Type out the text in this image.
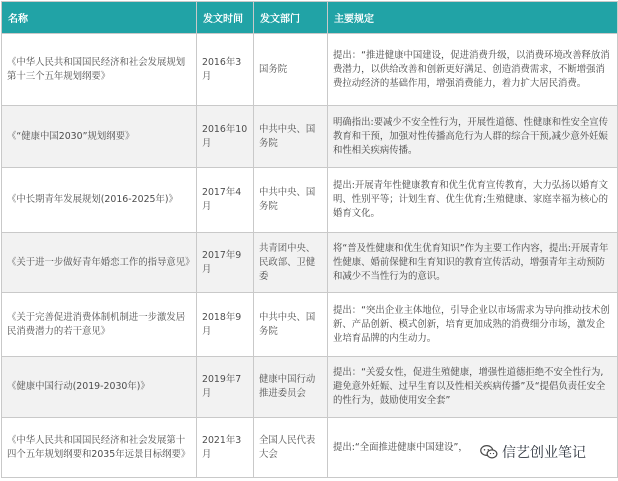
名称	发文时间	发文部门	主要规定
《中华人民共和国国民经济和社会发展规划第十三个五年规划纲要》	2016年3月	国务院	提出：“推进健康中国建设，促进消费升级，以消费环境改善释放消费潜力，以供给改善和创新更好满足、创造消费需求，不断增强消费拉动经济的基础作用，增强消费能力，着力扩大居民消费。
《“健康中国2030”规划纲要》	2016年10月	中共中央、国务院	明确指出:要减少不安全性行为，开展性道德、性健康和性安全宣传教育和干预，加强对性传播高危行为人群的综合干预,减少意外妊娠和性相关疾病传播。
《中长期青年发展规划(2016-2025年)》	2017年4月	中共中央、国务院	提出:开展青年性健康教育和优生优育宣传教育，大力弘扬以婚育文明、性别平等；计划生育、优生优育;生殖健康、家庭幸福为核心的婚育文化。
《关于进一步做好青年婚恋工作的指导意见》	2017年9月	共青团中央、民政部、卫健委	将“普及性健康和优生优育知识”作为主要工作内容，提出:开展青年性健康、婚前保健和生育知识的教育宣传活动，增强青年主动预防和减少不当性行为的意识。
《关于完善促进消费体制机制进一步激发居民消费潜力的若干意见》	2018年9月	中共中央、国务院	提出：“突出企业主体地位，引导企业以市场需求为导向推动技术创新、产品创新、模式创新，培育更加成熟的消费细分市场，激发企业培育品牌的内生动力。
《健康中国行动(2019-2030年)》	2019年7月	健康中国行动推进委员会	提出：“关爱女性，促进生殖健康，增强性道德拒绝不安全性行为,避免意外妊娠、过早生育以及性相关疾病传播”及“提倡负责任安全的性行为，鼓励使用安全套”
《中华人民共和国国民经济和社会发展第十四个五年规划纲要和2035年远景目标纲要》	2021年3月	全国人民代表大会	提出:“全面推进健康中国建设”， 信艺创业笔记
